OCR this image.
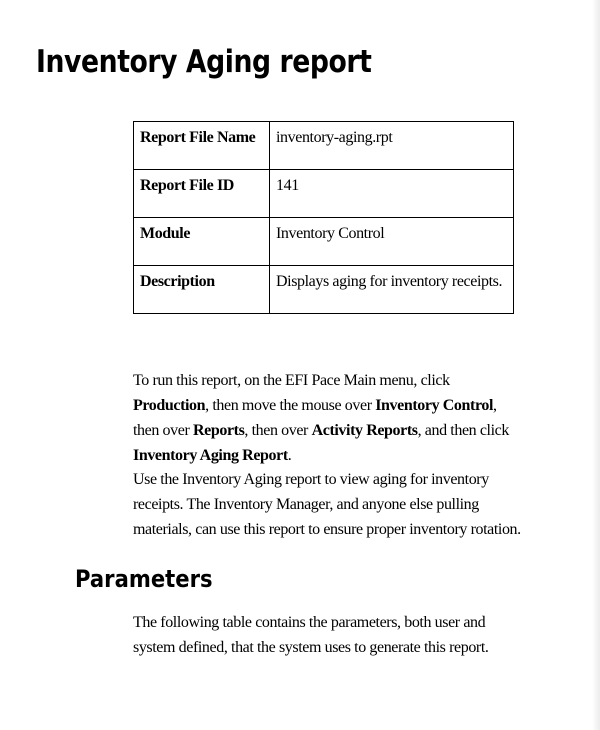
Inventory Aging report
Report File Name	inventory-aging.rpt
Report File ID	141
Module	Inventory Control
Description	Displays aging for inventory receipts.

To run this report, on the EFI Pace Main menu, click Production, then move the mouse over Inventory Control, then over Reports, then over Activity Reports, and then click Inventory Aging Report.

Use the Inventory Aging report to view aging for inventory receipts. The Inventory Manager, and anyone else pulling materials, can use this report to ensure proper inventory rotation.

Parameters

The following table contains the parameters, both user and system defined, that the system uses to generate this report.
